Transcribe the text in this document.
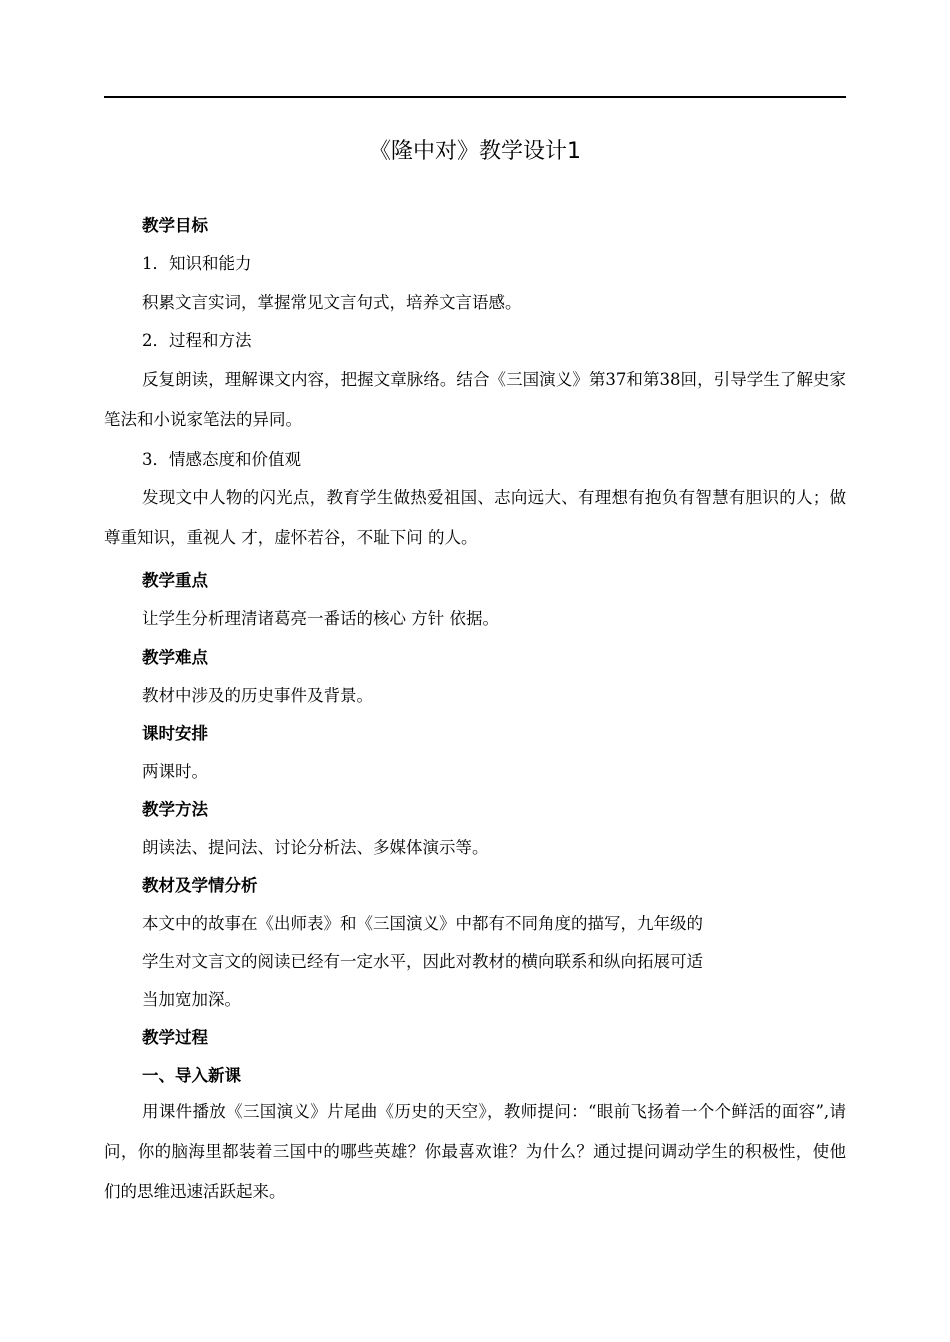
《隆中对》教学设计1
教学目标
1．知识和能力
积累文言实词，掌握常见文言句式，培养文言语感。
2．过程和方法
反复朗读，理解课文内容，把握文章脉络。结合《三国演义》第37和第38回，引导学生了解史家笔法和小说家笔法的异同。
3．情感态度和价值观
发现文中人物的闪光点，教育学生做热爱祖国、志向远大、有理想有抱负有智慧有胆识的人；做尊重知识，重视人 才，虚怀若谷，不耻下问 的人。
教学重点
让学生分析理清诸葛亮一番话的核心 方针 依据。
教学难点
教材中涉及的历史事件及背景。
课时安排
两课时。
教学方法
朗读法、提问法、讨论分析法、多媒体演示等。
教材及学情分析
本文中的故事在《出师表》和《三国演义》中都有不同角度的描写，九年级的
学生对文言文的阅读已经有一定水平，因此对教材的横向联系和纵向拓展可适
当加宽加深。
教学过程
一、导入新课
用课件播放《三国演义》片尾曲《历史的天空》，教师提问：“眼前飞扬着一个个鲜活的面容”,请问，你的脑海里都装着三国中的哪些英雄？你最喜欢谁？为什么？通过提问调动学生的积极性，使他们的思维迅速活跃起来。
